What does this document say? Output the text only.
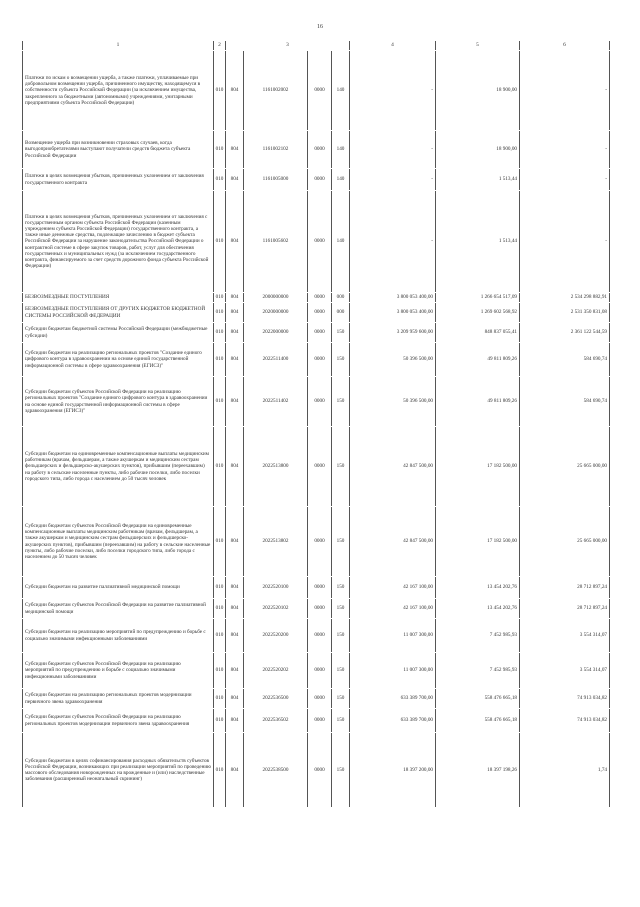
16
1	2	3	4	5	6
Платежи по искам о возмещении ущерба, а также платежи, уплачиваемые при добровольном возмещении ущерба, причиненного имуществу, находящемуся в собственности субъекта Российской Федерации (за исключением имущества, закрепленного за бюджетными (автономными) учреждениями, унитарными предприятиями субъекта Российской Федерации)
010	804	1161002002	0000	140	-	18 900,00	-
Возмещение ущерба при возникновении страховых случаев, когда выгодоприобретателями выступают получатели средств бюджета субъекта Российской Федерации
010	804	1161002102	0000	140	-	18 900,00	-
Платежи в целях возмещения убытков, причиненных уклонением от заключения государственного контракта
010	804	1161005000	0000	140	-	1 513,44	-
Платежи в целях возмещения убытков, причиненных уклонением от заключения с государственным органом субъекта Российской Федерации (казенным учреждением субъекта Российской Федерации) государственного контракта, а также иные денежные средства, подлежащие зачислению в бюджет субъекта Российской Федерации за нарушение законодательства Российской Федерации о контрактной системе в сфере закупок товаров, работ, услуг для обеспечения государственных и муниципальных нужд (за исключением государственного контракта, финансируемого за счет средств дорожного фонда субъекта Российской Федерации)
010	804	1161005602	0000	140	-	1 513,44	-
БЕЗВОЗМЕЗДНЫЕ ПОСТУПЛЕНИЯ	010	804	2000000000	0000	000	3 800 053 400,00	1 266 654 517,09	2 534 298 882,91
БЕЗВОЗМЕЗДНЫЕ ПОСТУПЛЕНИЯ ОТ ДРУГИХ БЮДЖЕТОВ БЮДЖЕТНОЙ СИСТЕМЫ РОССИЙСКОЙ ФЕДЕРАЦИИ
010	804	2020000000	0000	000	3 800 053 400,00	1 269 602 568,92	2 531 350 831,08
Субсидии бюджетам бюджетной системы Российской Федерации (межбюджетные субсидии)
010	804	2022000000	0000	150	3 209 959 600,00	848 837 055,41	2 361 122 544,59
Субсидии бюджетам на реализацию региональных проектов "Создание единого цифрового контура в здравоохранении на основе единой государственной информационной системы в сфере здравоохранения (ЕГИСЗ)"
010	804	2022511400	0000	150	50 396 500,00	49 811 809,26	584 690,74
Субсидии бюджетам субъектов Российской Федерации на реализацию региональных проектов "Создание единого цифрового контура в здравоохранении на основе единой государственной информационной системы в сфере здравоохранения (ЕГИСЗ)"
010	804	2022511402	0000	150	50 396 500,00	49 811 809,26	584 690,74
Субсидии бюджетам на единовременные компенсационные выплаты медицинским работникам (врачам, фельдшерам, а также акушеркам и медицинским сестрам фельдшерских и фельдшерско-акушерских пунктов), прибывшим (переехавшим) на работу в сельские населенные пункты, либо рабочие поселки, либо поселки городского типа, либо города с населением до 50 тысяч человек
010	804	2022513800	0000	150	42 847 500,00	17 182 500,00	25 665 000,00
Субсидии бюджетам субъектов Российской Федерации на единовременные компенсационные выплаты медицинским работникам (врачам, фельдшерам, а также акушеркам и медицинским сестрам фельдшерских и фельдшерско-акушерских пунктов), прибывшим (переехавшим) на работу в сельские населенные пункты, либо рабочие поселки, либо поселки городского типа, либо города с населением до 50 тысяч человек
010	804	2022513802	0000	150	42 847 500,00	17 182 500,00	25 665 000,00
Субсидии бюджетам на развитие паллиативной медицинской помощи	010	804	2022520100	0000	150	42 167 100,00	13 454 202,76	28 712 897,24
Субсидии бюджетам субъектов Российской Федерации на развитие паллиативной медицинской помощи
010	804	2022520102	0000	150	42 167 100,00	13 454 202,76	28 712 897,24
Субсидии бюджетам на реализацию мероприятий по предупреждению и борьбе с социально значимыми инфекционными заболеваниями
010	804	2022520200	0000	150	11 007 300,00	7 452 985,93	3 554 314,07
Субсидии бюджетам субъектов Российской Федерации на реализацию мероприятий по предупреждению и борьбе с социально значимыми инфекционными заболеваниями
010	804	2022520202	0000	150	11 007 300,00	7 452 985,93	3 554 314,07
Субсидии бюджетам на реализацию региональных проектов модернизации первичного звена здравоохранения
010	804	2022536500	0000	150	633 389 700,00	558 476 665,18	74 913 034,82
Субсидии бюджетам субъектов Российской Федерации на реализацию региональных проектов модернизации первичного звена здравоохранения
010	804	2022536502	0000	150	633 389 700,00	558 476 665,18	74 913 034,82
Субсидии бюджетам в целях софинансирования расходных обязательств субъектов Российской Федерации, возникающих при реализации мероприятий по проведению массового обследования новорожденных на врожденные и (или) наследственные заболевания (расширенный неонатальный скрининг)
010	804	2022538500	0000	150	18 397 200,00	18 397 198,26	1,74
